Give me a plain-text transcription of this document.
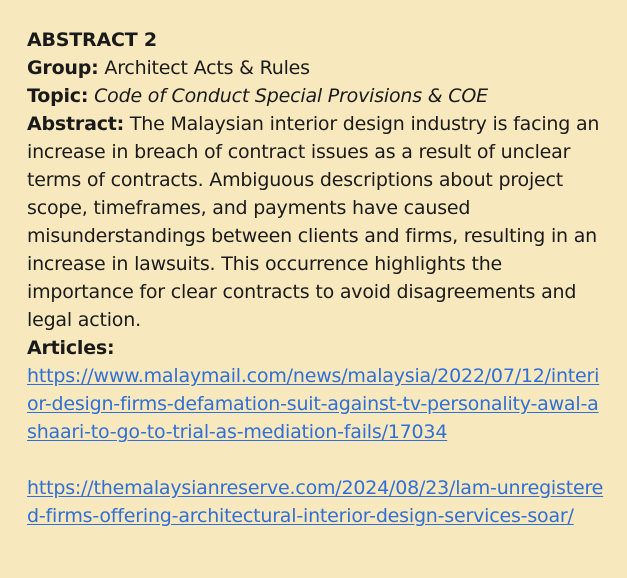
ABSTRACT 2

Group: Architect Acts & Rules

Topic: Code of Conduct Special Provisions & COE

Abstract: The Malaysian interior design industry is facing an increase in breach of contract issues as a result of unclear terms of contracts. Ambiguous descriptions about project scope, timeframes, and payments have caused misunderstandings between clients and firms, resulting in an increase in lawsuits. This occurrence highlights the importance for clear contracts to avoid disagreements and legal action.

Articles:

https://www.malaymail.com/news/malaysia/2022/07/12/interior-design-firms-defamation-suit-against-tv-personality-awal-ashaari-to-go-to-trial-as-mediation-fails/17034
https://themalaysianreserve.com/2024/08/23/lam-unregistered-firms-offering-architectural-interior-design-services-soar/
